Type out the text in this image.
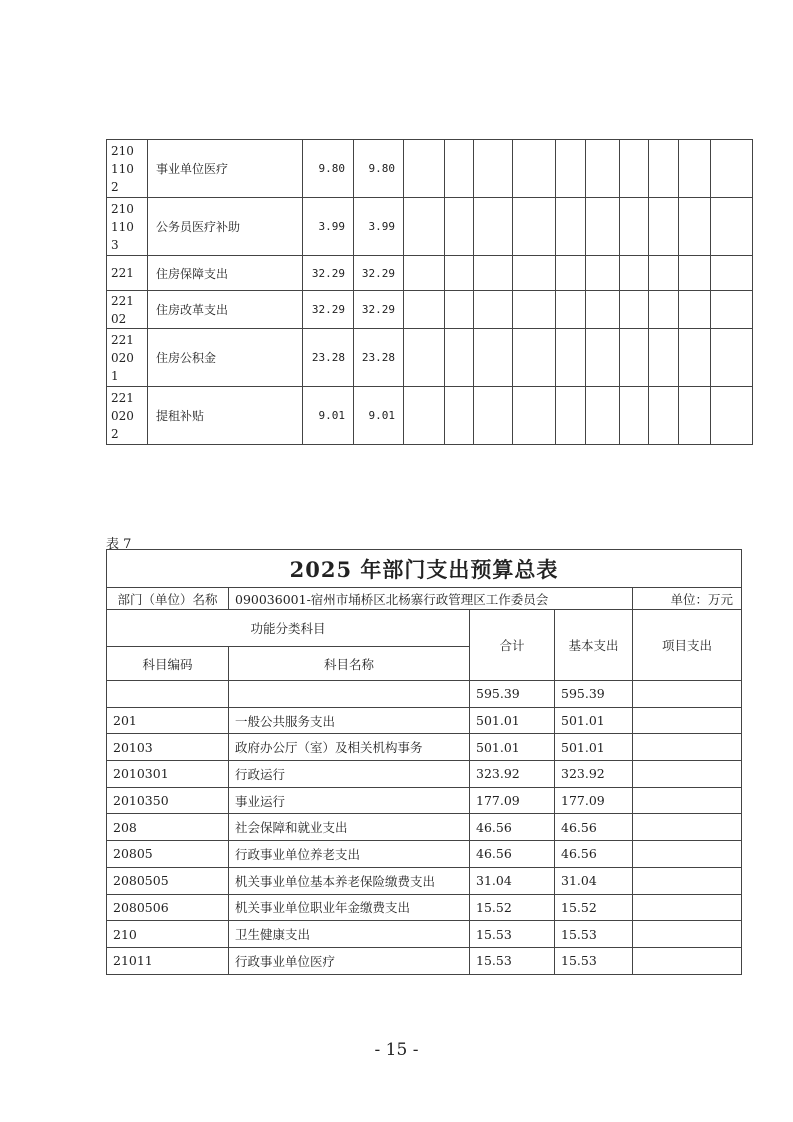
210
110
2	事业单位医疗	9.80	9.80										

210
110
3	公务员医疗补助	3.99	3.99										

221	住房保障支出	32.29	32.29										

221
02	住房改革支出	32.29	32.29										

221
020
1	住房公积金	23.28	23.28										

221
020
2	提租补贴	9.01	9.01										
表 7
2025 年部门支出预算总表				
部门（单位）名称	090036001-宿州市埇桥区北杨寨行政管理区工作委员会			单位：万元
功能分类科目		合计	基本支出	项目支出
科目编码	科目名称			
		595.39	595.39	
201	一般公共服务支出	501.01	501.01	
20103	政府办公厅（室）及相关机构事务	501.01	501.01	
2010301	行政运行	323.92	323.92	
2010350	事业运行	177.09	177.09	
208	社会保障和就业支出	46.56	46.56	
20805	行政事业单位养老支出	46.56	46.56	
2080505	机关事业单位基本养老保险缴费支出	31.04	31.04	
2080506	机关事业单位职业年金缴费支出	15.52	15.52	
210	卫生健康支出	15.53	15.53	
21011	行政事业单位医疗	15.53	15.53	
- 15 -
